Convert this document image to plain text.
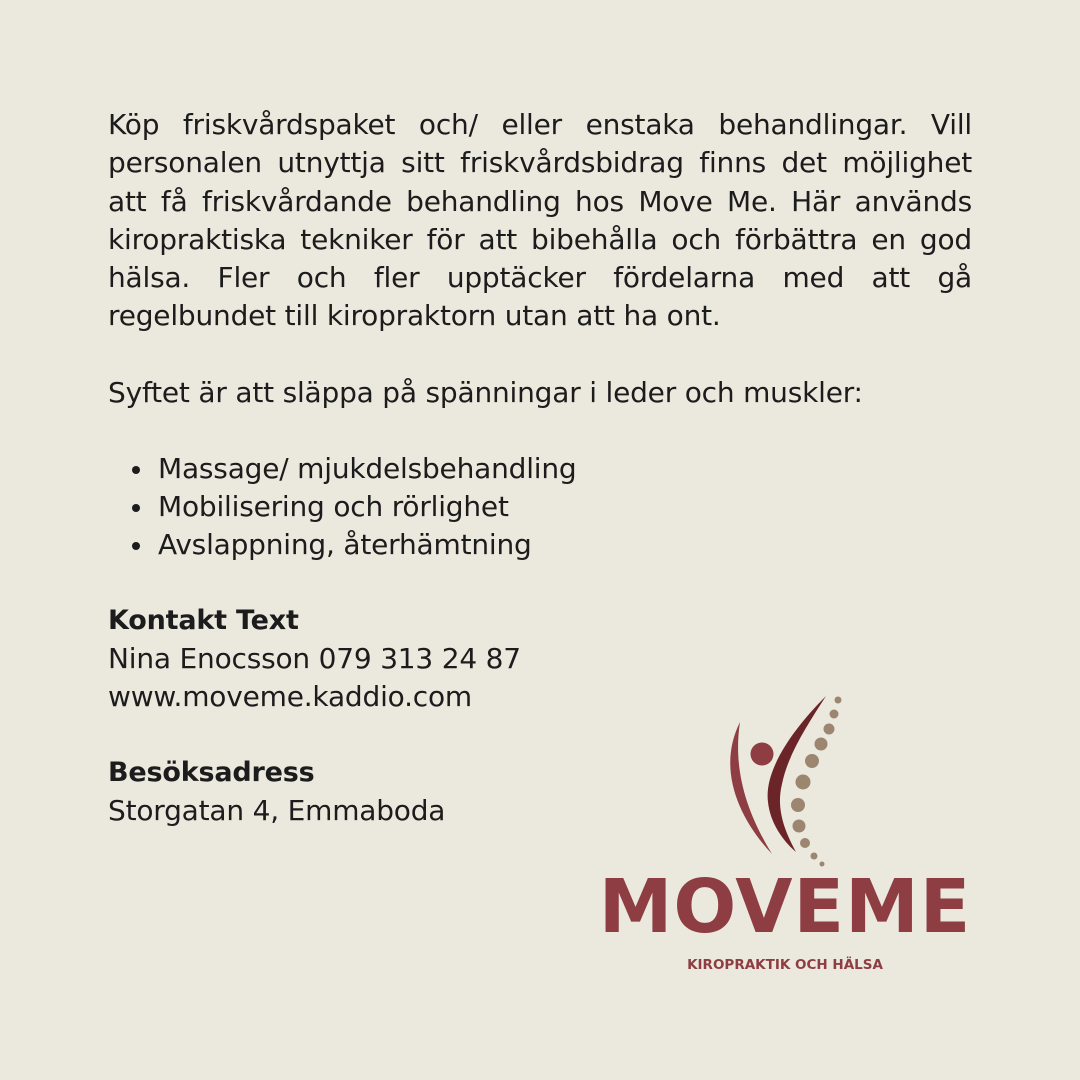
Köp friskvårdspaket och/ eller enstaka behandlingar. Vill personalen utnyttja sitt friskvårdsbidrag finns det möjlighet att få friskvårdande behandling hos Move Me. Här används kiropraktiska tekniker för att bibehålla och förbättra en god hälsa. Fler och fler upptäcker fördelarna med att gå regelbundet till kiropraktorn utan att ha ont.

Syftet är att släppa på spänningar i leder och muskler:

Massage/ mjukdelsbehandling
Mobilisering och rörlighet
Avslappning, återhämtning
Kontakt Text
Nina Enocsson 079 313 24 87
www.moveme.kaddio.com
Besöksadress
Storgatan 4, Emmaboda
MOVEME
KIROPRAKTIK OCH HÄLSA
